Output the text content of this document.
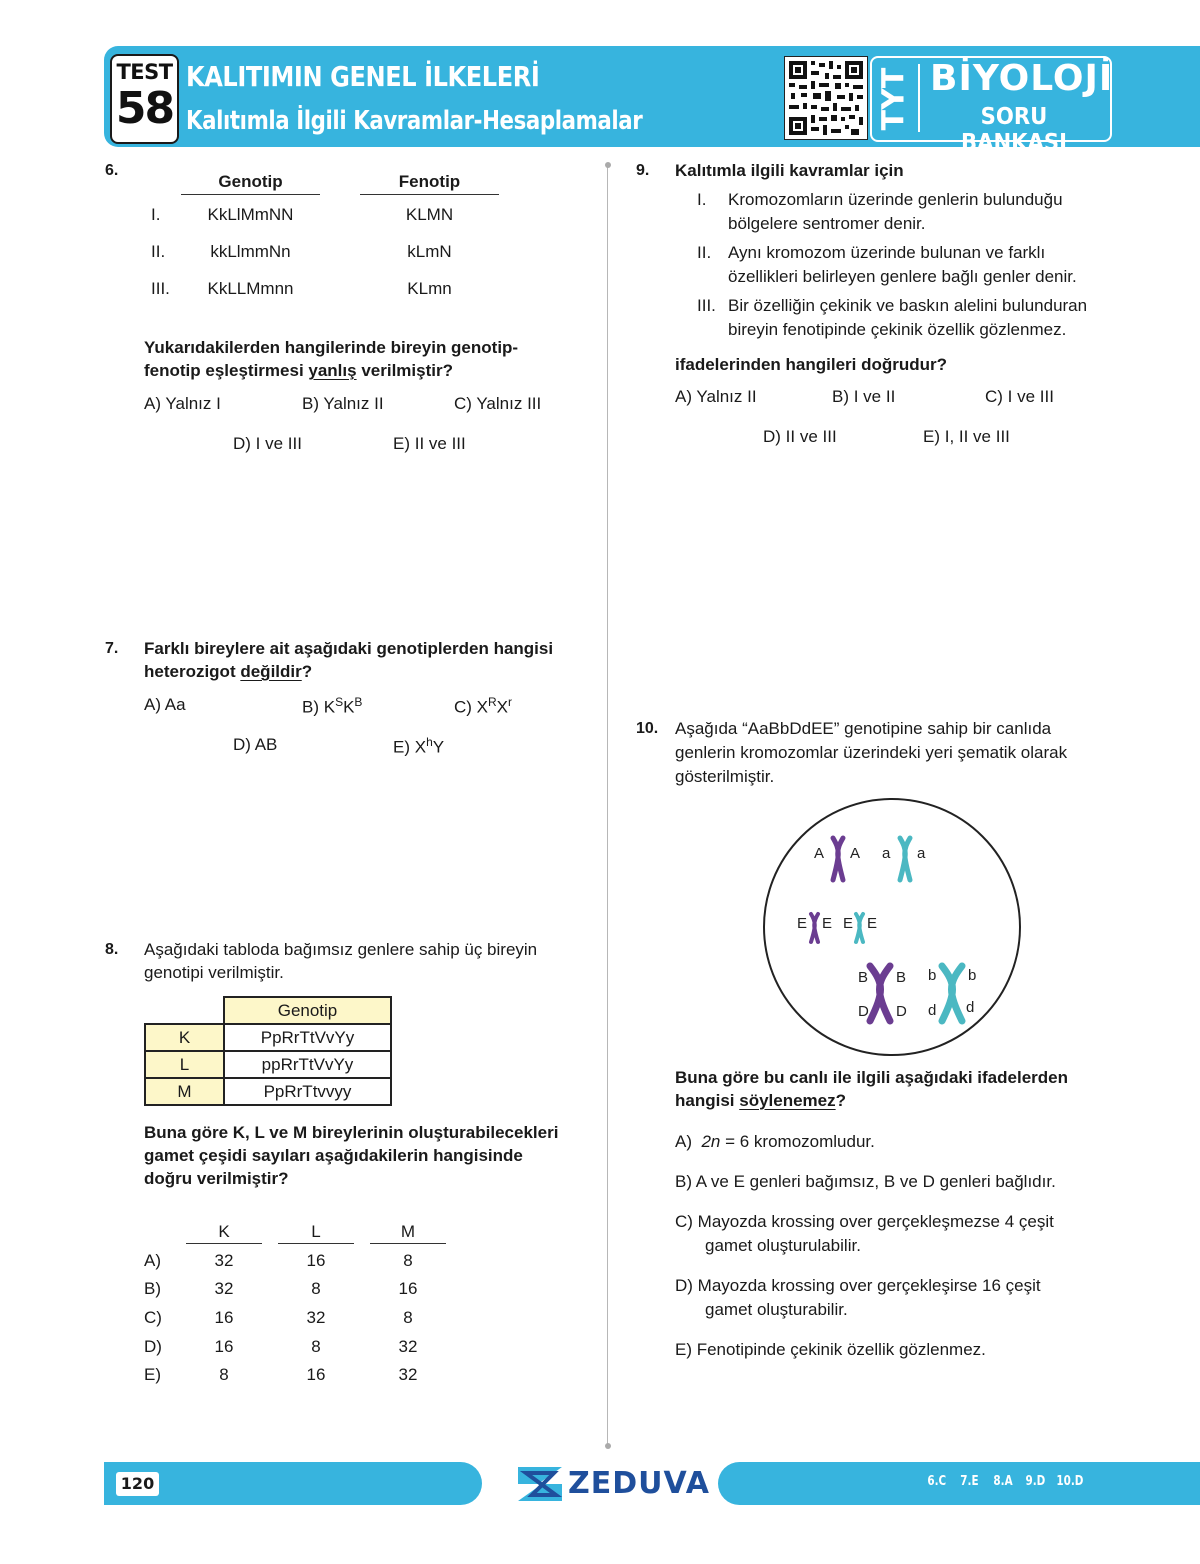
TEST
58
KALITIMIN GENEL İLKELERİ
Kalıtımla İlgili Kavramlar-Hesaplamalar	TYT BİYOLOJİ
SORU BANKASI
6.
Genotip	Fenotip
I.	KkLlMmNN	KLMN
II.	kkLlmmNn	kLmN
III.	KkLLMmnn	KLmn
Yukarıdakilerden hangilerinde bireyin genotip-
fenotip eşleştirmesi yanlış verilmiştir?
A) Yalnız I	B) Yalnız II	C) Yalnız III
D) I ve III	E) II ve III
7. Farklı bireylere ait aşağıdaki genotiplerden hangisi
heterozigot değildir?
A) Aa	B) $K^SK^B$	C) $X^RX^r$
D) AB	E) $X^hY$
8. Aşağıdaki tabloda bağımsız genlere sahip üç bireyin
genotipi verilmiştir.
	Genotip
K	PpRrTtVvYy
L	ppRrTtVvYy
M	PpRrTtvvyy
Buna göre K, L ve M bireylerinin oluşturabilecekleri
gamet çeşidi sayıları aşağıdakilerin hangisinde
doğru verilmiştir?
K	L	M
A)	32	16	8
B)	32	8	16
C)	16	32	8
D)	16	8	32
E)	8	16	32
9. Kalıtımla ilgili kavramlar için
I. Kromozomların üzerinde genlerin bulunduğu
bölgelere sentromer denir.
II. Aynı kromozom üzerinde bulunan ve farklı
özellikleri belirleyen genlere bağlı genler denir.
III. Bir özelliğin çekinik ve baskın alelini bulunduran
bireyin fenotipinde çekinik özellik gözlenmez.
ifadelerinden hangileri doğrudur?
A) Yalnız II	B) I ve II	C) I ve III
D) II ve III	E) I, II ve III
10. Aşağıda “AaBbDdEE” genotipine sahip bir canlıda
genlerin kromozomlar üzerindeki yeri şematik olarak
gösterilmiştir.
A A a a
E E E E
B B
D D
b b
d d
Buna göre bu canlı ile ilgili aşağıdaki ifadelerden
hangisi söylenemez?
A) 2n = 6 kromozomludur.
B) A ve E genleri bağımsız, B ve D genleri bağlıdır.
C) Mayozda krossing over gerçekleşmezse 4 çeşit
gamet oluşturulabilir.
D) Mayozda krossing over gerçekleşirse 16 çeşit
gamet oluşturabilir.
E) Fenotipinde çekinik özellik gözlenmez.
120	ZEDUVA	6.C 7.E 8.A 9.D 10.D
